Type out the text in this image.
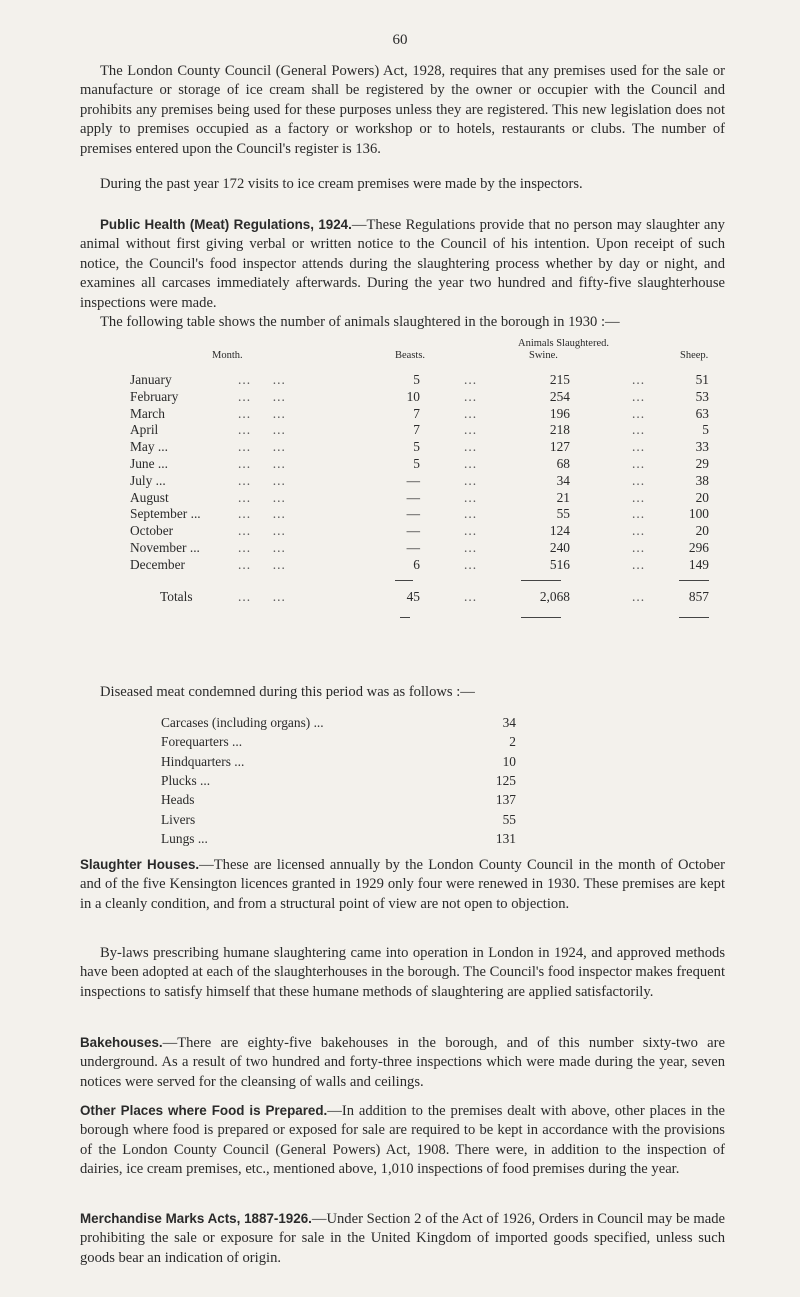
60

The London County Council (General Powers) Act, 1928, requires that any premises used for the sale or manufacture or storage of ice cream shall be registered by the owner or occupier with the Council and prohibits any premises being used for these purposes unless they are registered. This new legislation does not apply to premises occupied as a factory or workshop or to hotels, restaurants or clubs. The number of premises entered upon the Council's register is 136.

During the past year 172 visits to ice cream premises were made by the inspectors.

Public Health (Meat) Regulations, 1924.—These Regulations provide that no person may slaughter any animal without first giving verbal or written notice to the Council of his intention. Upon receipt of such notice, the Council's food inspector attends during the slaughtering process whether by day or night, and examines all carcases immediately afterwards. During the year two hundred and fifty-five slaughterhouse inspections were made.

The following table shows the number of animals slaughtered in the borough in 1930 :—
Animals Slaughtered.
Month.	Beasts.	Swine.	Sheep.
January	...     ...	5	...	215	...	51
February	...     ...	10	...	254	...	53
March	...     ...	7	...	196	...	63
April	...     ...	7	...	218	...	5
May ...	...     ...	5	...	127	...	33
June ...	...     ...	5	...	68	...	29
July ...	...     ...	—	...	34	...	38
August	...     ...	—	...	21	...	20
September ...	...     ...	—	...	55	...	100
October	...     ...	—	...	124	...	20
November ...	...     ...	—	...	240	...	296
December	...     ...	6	...	516	...	149
Totals	...     ...	45	...	2,068	...	857
Diseased meat condemned during this period was as follows :—
Carcases (including organs) ...	34
Forequarters ...	2
Hindquarters ...	10
Plucks ...	125
Heads	137
Livers	55
Lungs ...	131

Slaughter Houses.—These are licensed annually by the London County Council in the month of October and of the five Kensington licences granted in 1929 only four were renewed in 1930. These premises are kept in a cleanly condition, and from a structural point of view are not open to objection.

By-laws prescribing humane slaughtering came into operation in London in 1924, and approved methods have been adopted at each of the slaughterhouses in the borough. The Council's food inspector makes frequent inspections to satisfy himself that these humane methods of slaughtering are applied satisfactorily.

Bakehouses.—There are eighty-five bakehouses in the borough, and of this number sixty-two are underground. As a result of two hundred and forty-three inspections which were made during the year, seven notices were served for the cleansing of walls and ceilings.

Other Places where Food is Prepared.—In addition to the premises dealt with above, other places in the borough where food is prepared or exposed for sale are required to be kept in accordance with the provisions of the London County Council (General Powers) Act, 1908. There were, in addition to the inspection of dairies, ice cream premises, etc., mentioned above, 1,010 inspections of food premises during the year.

Merchandise Marks Acts, 1887-1926.—Under Section 2 of the Act of 1926, Orders in Council may be made prohibiting the sale or exposure for sale in the United Kingdom of imported goods specified, unless such goods bear an indication of origin.
